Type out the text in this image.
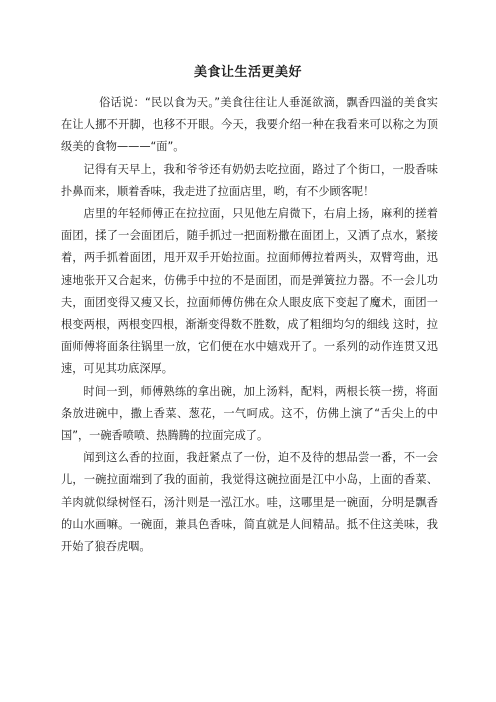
美食让生活更美好

俗话说：“民以食为天。”美食往往让人垂涎欲滴，飘香四溢的美食实在让人挪不开脚，也移不开眼。今天，我要介绍一种在我看来可以称之为顶级美的食物———“面”。

记得有天早上，我和爷爷还有奶奶去吃拉面，路过了个街口，一股香味扑鼻而来，顺着香味，我走进了拉面店里，哟，有不少顾客呢！

店里的年轻师傅正在拉拉面，只见他左肩微下，右肩上扬，麻利的搓着面团，揉了一会面团后，随手抓过一把面粉撒在面团上，又洒了点水，紧接着，两手抓着面团，甩开双手开始拉面。拉面师傅拉着两头，双臂弯曲，迅速地张开又合起来，仿佛手中拉的不是面团，而是弹簧拉力器。不一会儿功夫，面团变得又瘦又长，拉面师傅仿佛在众人眼皮底下变起了魔术，面团一根变两根，两根变四根，渐渐变得数不胜数，成了粗细均匀的细线 这时，拉面师傅将面条往锅里一放，它们便在水中嬉戏开了。一系列的动作连贯又迅速，可见其功底深厚。

时间一到，师傅熟练的拿出碗，加上汤料，配料，两根长筷一捞，将面条放进碗中，撒上香菜、葱花，一气呵成。这不，仿佛上演了“舌尖上的中国”，一碗香喷喷、热腾腾的拉面完成了。

闻到这么香的拉面，我赶紧点了一份，迫不及待的想品尝一番，不一会儿，一碗拉面端到了我的面前，我觉得这碗拉面是江中小岛，上面的香菜、羊肉就似绿树怪石，汤汁则是一泓江水。哇，这哪里是一碗面，分明是飘香的山水画嘛。一碗面，兼具色香味，简直就是人间精品。抵不住这美味，我开始了狼吞虎咽。
